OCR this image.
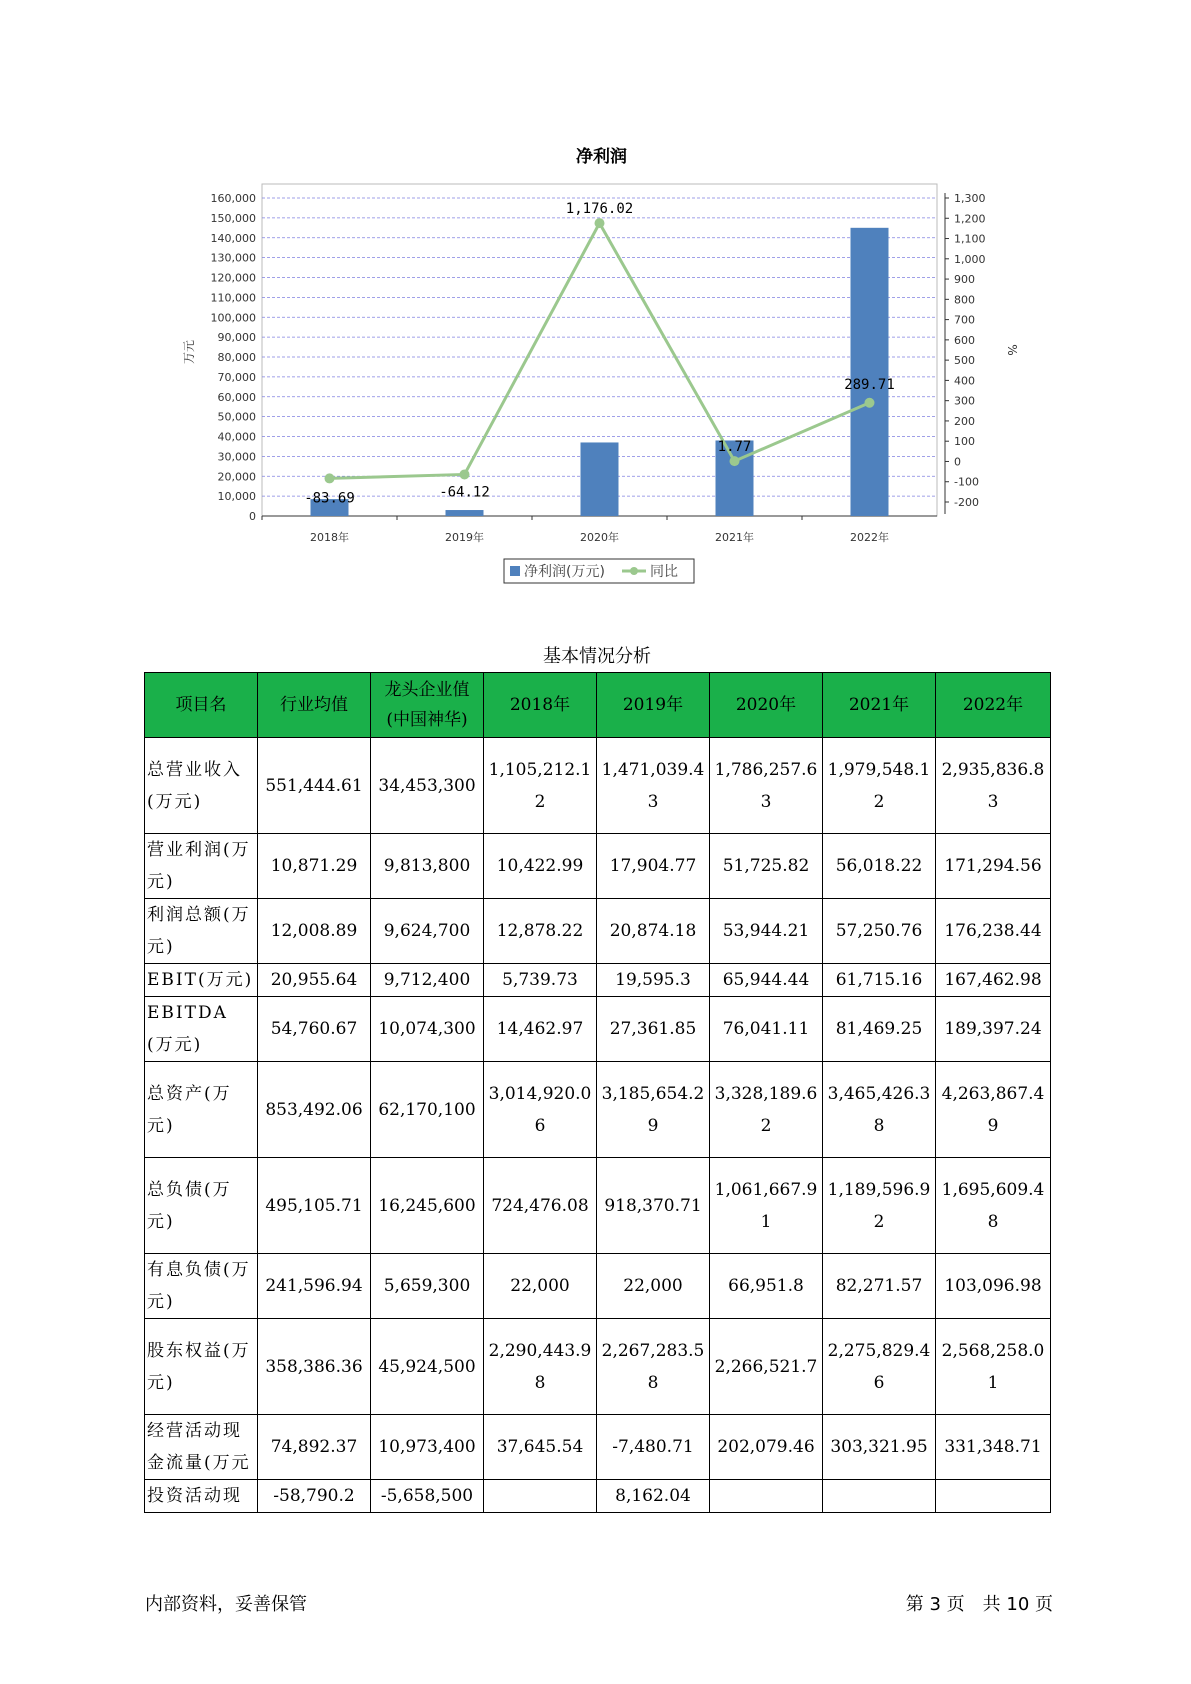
净利润
0
10,000
20,000
30,000
40,000
50,000
60,000
70,000
80,000
90,000
100,000
110,000
120,000
130,000
140,000
150,000
160,000
-200
-100
0
100
200
300
400
500
600
700
800
900
1,000
1,100
1,200
1,300
万元	%
2018年	2019年	2020年	2021年	2022年
-83.69	-64.12
1,176.02
1.77
289.71
净利润(万元)	同比
基本情况分析
项目名	行业均值	龙头企业值(中国神华)	2018年	2019年	2020年	2021年	2022年
总营业收入(万元)	551,444.61	34,453,300	1,105,212.12	1,471,039.43	1,786,257.63	1,979,548.12	2,935,836.83
营业利润(万元)	10,871.29	9,813,800	10,422.99	17,904.77	51,725.82	56,018.22	171,294.56
利润总额(万元)	12,008.89	9,624,700	12,878.22	20,874.18	53,944.21	57,250.76	176,238.44
EBIT(万元)	20,955.64	9,712,400	5,739.73	19,595.3	65,944.44	61,715.16	167,462.98
EBITDA(万元)	54,760.67	10,074,300	14,462.97	27,361.85	76,041.11	81,469.25	189,397.24
总资产(万元)	853,492.06	62,170,100	3,014,920.06	3,185,654.29	3,328,189.62	3,465,426.38	4,263,867.49
总负债(万元)	495,105.71	16,245,600	724,476.08	918,370.71	1,061,667.91	1,189,596.92	1,695,609.48
有息负债(万元)	241,596.94	5,659,300	22,000	22,000	66,951.8	82,271.57	103,096.98
股东权益(万元)	358,386.36	45,924,500	2,290,443.98	2,267,283.58	2,266,521.7	2,275,829.46	2,568,258.01
经营活动现金流量(万元	74,892.37	10,973,400	37,645.54	-7,480.71	202,079.46	303,321.95	331,348.71
投资活动现	-58,790.2	-5,658,500		8,162.04			
内部资料，妥善保管	第 3 页　共 10 页
